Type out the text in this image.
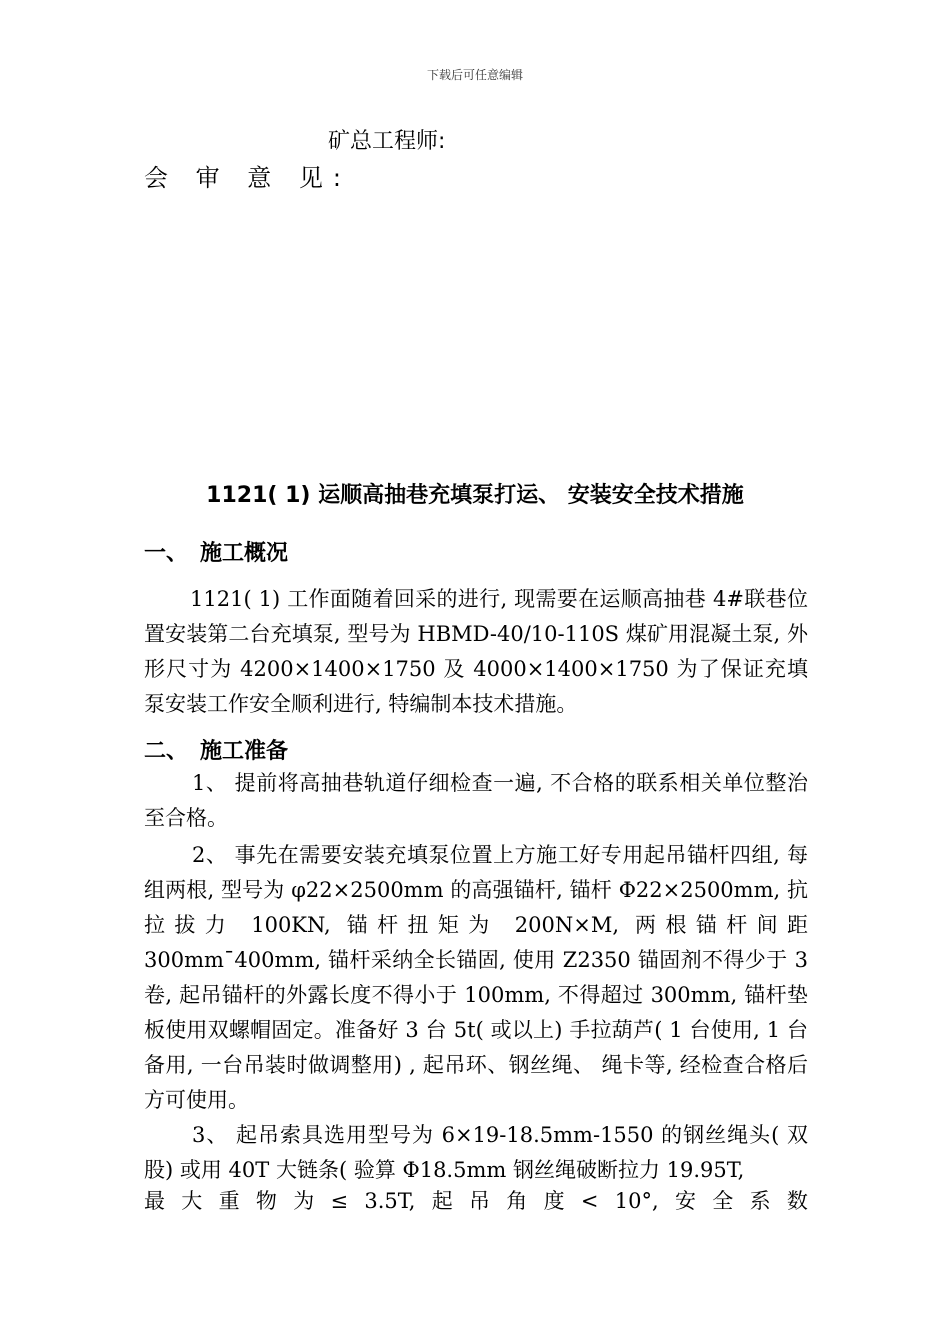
下载后可任意编辑
矿总工程师:
会 审 意 见:
1121( 1) 运顺高抽巷充填泵打运、 安装安全技术措施
一、 施工概况

1121( 1) 工作面随着回采的进行, 现需要在运顺高抽巷 4#联巷位置安装第二台充填泵, 型号为 HBMD-40/10-110S 煤矿用混凝土泵, 外形尺寸为 4200×1400×1750 及 4000×1400×1750 为了保证充填泵安装工作安全顺利进行, 特编制本技术措施。

二、 施工准备

1、 提前将高抽巷轨道仔细检查一遍, 不合格的联系相关单位整治至合格。

2、 事先在需要安装充填泵位置上方施工好专用起吊锚杆四组, 每组两根, 型号为 φ22×2500mm 的高强锚杆, 锚杆 Φ22×2500mm, 抗拉拔力 100KN, 锚杆扭矩为 200N×M, 两根锚杆间距 300mm¯400mm, 锚杆采纳全长锚固, 使用 Z2350 锚固剂不得少于 3 卷, 起吊锚杆的外露长度不得小于 100mm, 不得超过 300mm, 锚杆垫板使用双螺帽固定。准备好 3 台 5t( 或以上) 手拉葫芦( 1 台使用, 1 台备用, 一台吊装时做调整用) , 起吊环、钢丝绳、 绳卡等, 经检查合格后方可使用。

3、 起吊索具选用型号为 6×19-18.5mm-1550 的钢丝绳头( 双股) 或用 40T 大链条( 验算 Φ18.5mm 钢丝绳破断拉力 19.95T,

最 大 重 物 为 ≤ 3.5T, 起 吊 角 度 < 10°, 安 全 系 数
